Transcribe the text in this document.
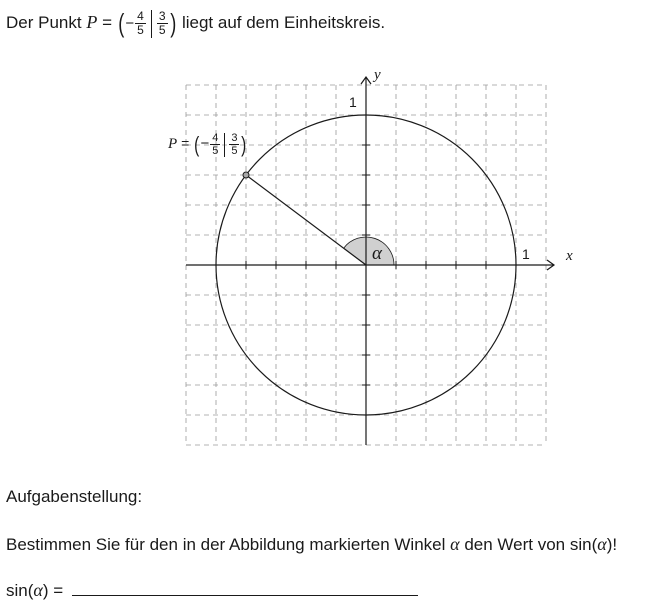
Der Punkt P = (− $\frac{4}{5} \frac{3}{5}$ ) liegt auf dem Einheitskreis.
x
y
1
1
α
P = (− $\frac{4}{5} \frac{3}{5}$ )
Aufgabenstellung:
Bestimmen Sie für den in der Abbildung markierten Winkel α den Wert von sin(α)!
sin(α) =
